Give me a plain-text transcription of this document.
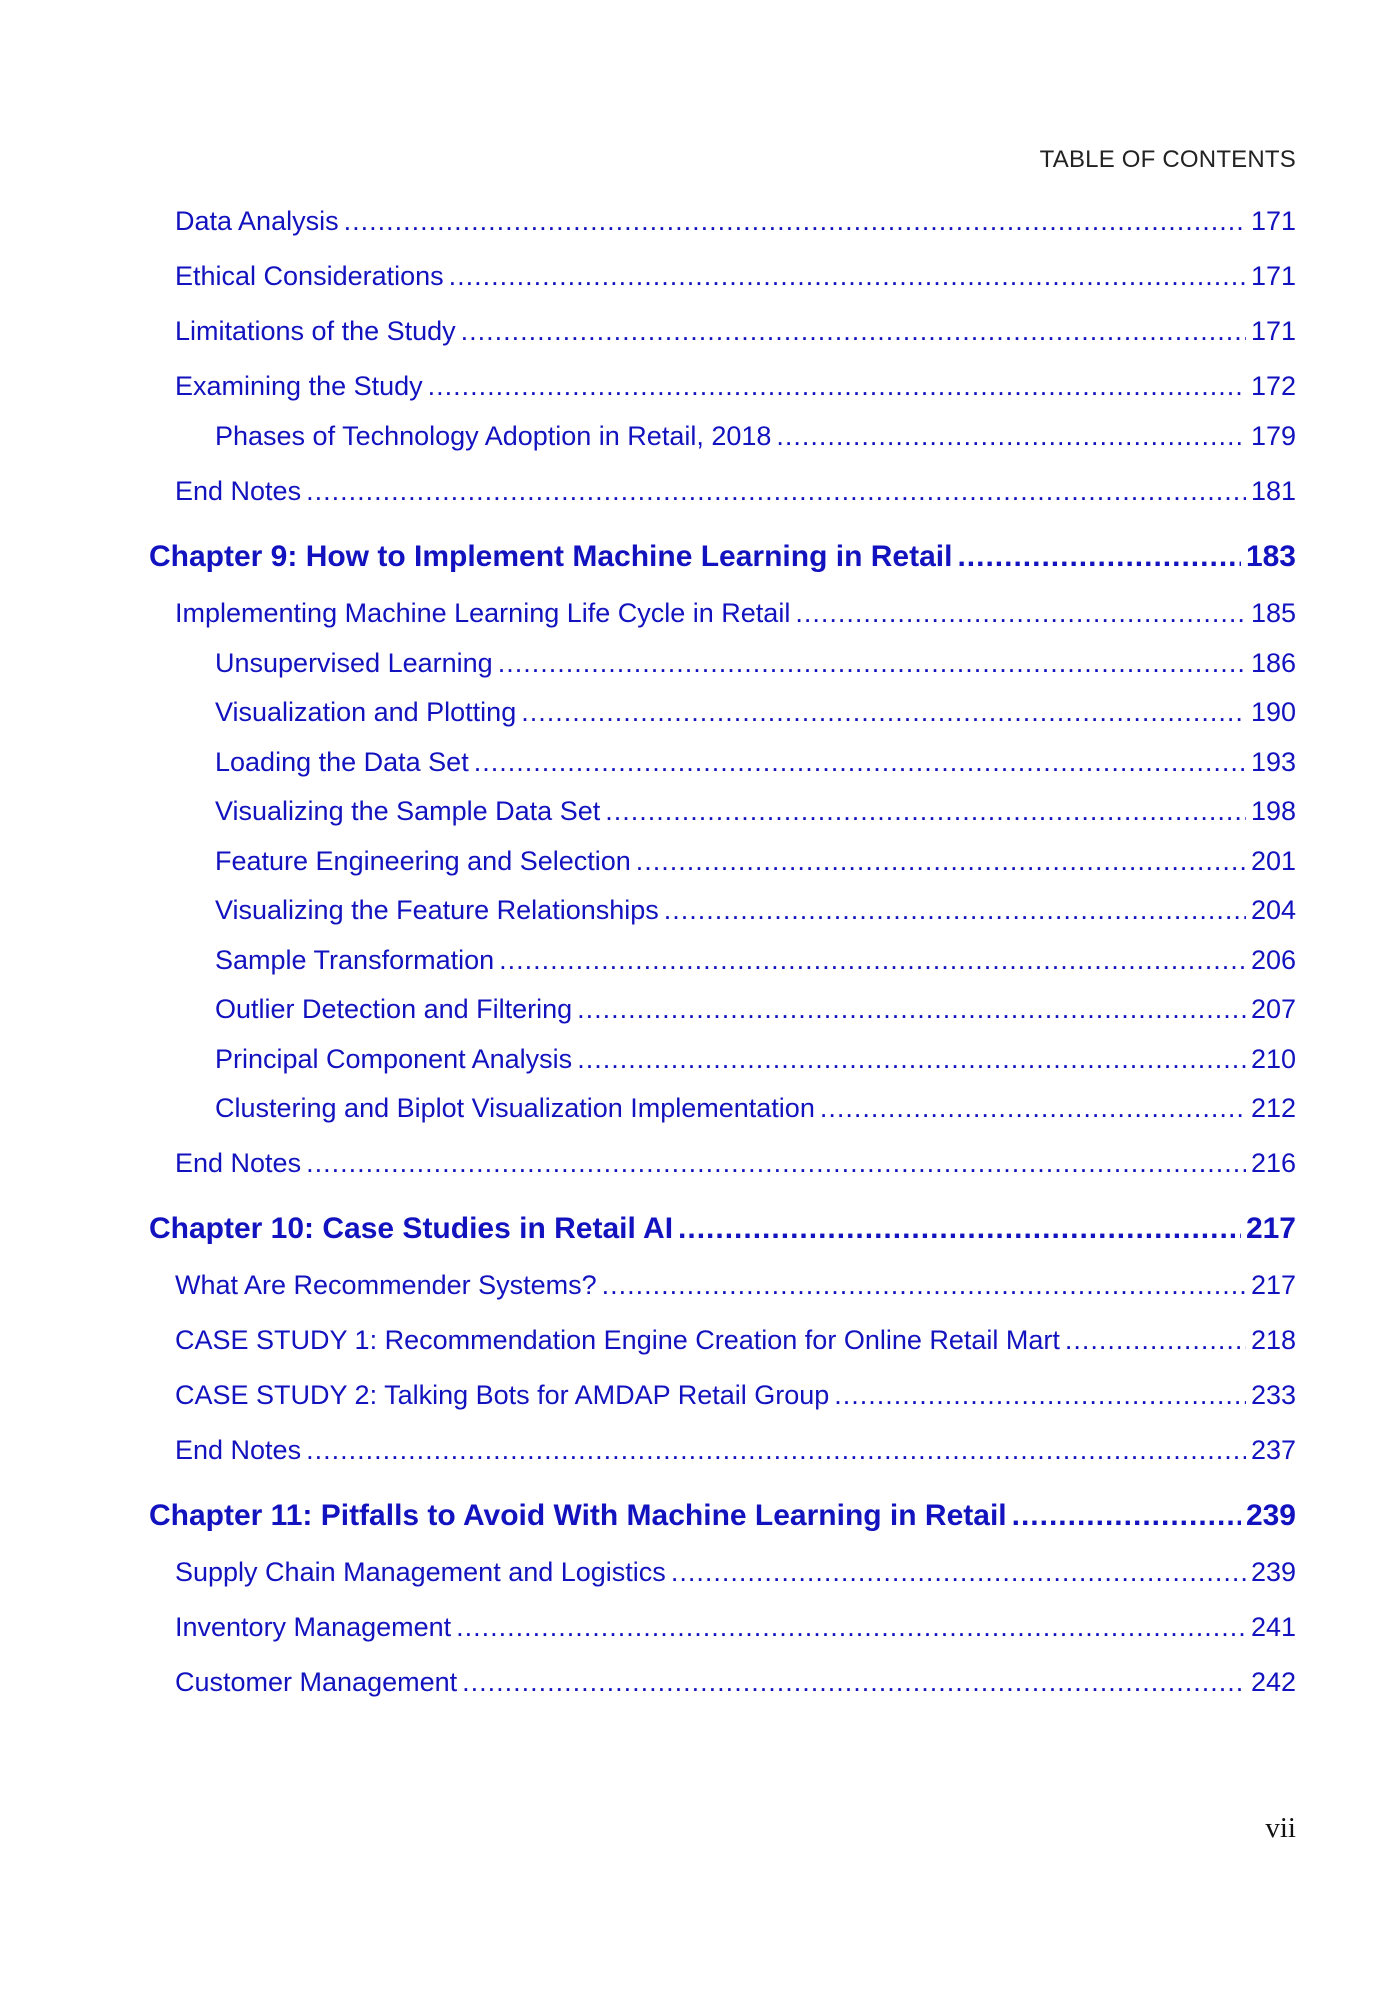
TABLE OF CONTENTS
Data Analysis .....	171
Ethical Considerations .....	171
Limitations of the Study .....	171
Examining the Study .....	172
Phases of Technology Adoption in Retail, 2018 .....	179
End Notes .....	181
Chapter 9: How to Implement Machine Learning in Retail .....	183
Implementing Machine Learning Life Cycle in Retail .....	185
Unsupervised Learning .....	186
Visualization and Plotting .....	190
Loading the Data Set .....	193
Visualizing the Sample Data Set .....	198
Feature Engineering and Selection .....	201
Visualizing the Feature Relationships .....	204
Sample Transformation .....	206
Outlier Detection and Filtering .....	207
Principal Component Analysis .....	210
Clustering and Biplot Visualization Implementation .....	212
End Notes .....	216
Chapter 10: Case Studies in Retail AI .....	217
What Are Recommender Systems? .....	217
CASE STUDY 1: Recommendation Engine Creation for Online Retail Mart .....	218
CASE STUDY 2: Talking Bots for AMDAP Retail Group .....	233
End Notes .....	237
Chapter 11: Pitfalls to Avoid With Machine Learning in Retail .....	239
Supply Chain Management and Logistics .....	239
Inventory Management .....	241
Customer Management .....	242
vii
